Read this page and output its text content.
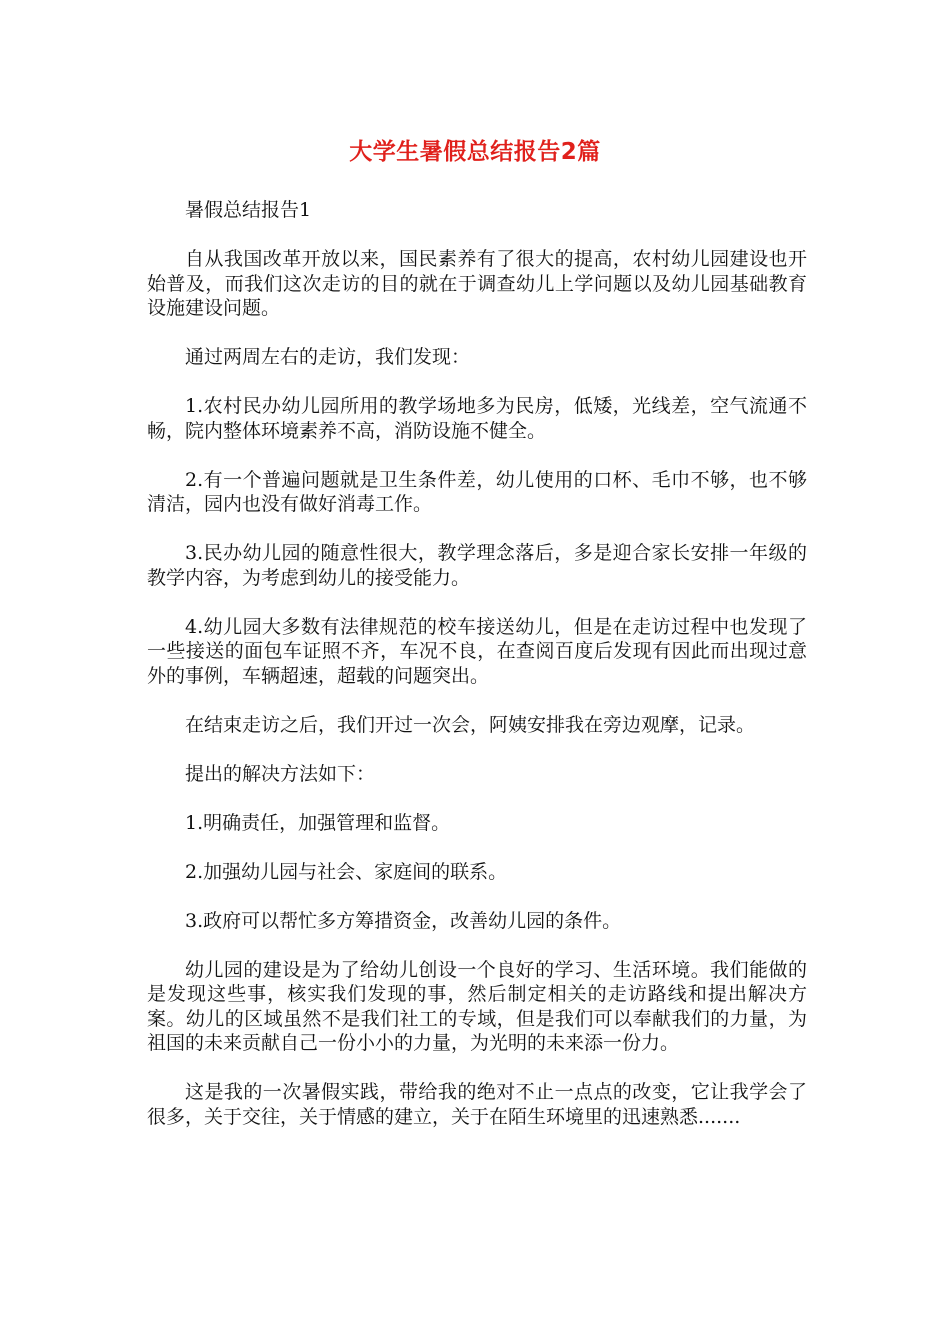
大学生暑假总结报告2篇

暑假总结报告1

自从我国改革开放以来，国民素养有了很大的提高，农村幼儿园建设也开始普及，而我们这次走访的目的就在于调查幼儿上学问题以及幼儿园基础教育设施建设问题。

通过两周左右的走访，我们发现：

1.农村民办幼儿园所用的教学场地多为民房，低矮，光线差，空气流通不畅，院内整体环境素养不高，消防设施不健全。

2.有一个普遍问题就是卫生条件差，幼儿使用的口杯、毛巾不够，也不够清洁，园内也没有做好消毒工作。

3.民办幼儿园的随意性很大，教学理念落后，多是迎合家长安排一年级的教学内容，为考虑到幼儿的接受能力。

4.幼儿园大多数有法律规范的校车接送幼儿，但是在走访过程中也发现了一些接送的面包车证照不齐，车况不良，在查阅百度后发现有因此而出现过意外的事例，车辆超速，超载的问题突出。

在结束走访之后，我们开过一次会，阿姨安排我在旁边观摩，记录。

提出的解决方法如下：

1.明确责任，加强管理和监督。

2.加强幼儿园与社会、家庭间的联系。

3.政府可以帮忙多方筹措资金，改善幼儿园的条件。

幼儿园的建设是为了给幼儿创设一个良好的学习、生活环境。我们能做的是发现这些事，核实我们发现的事，然后制定相关的走访路线和提出解决方案。幼儿的区域虽然不是我们社工的专域，但是我们可以奉献我们的力量，为祖国的未来贡献自己一份小小的力量，为光明的未来添一份力。

这是我的一次暑假实践，带给我的绝对不止一点点的改变，它让我学会了很多，关于交往，关于情感的建立，关于在陌生环境里的迅速熟悉.......
